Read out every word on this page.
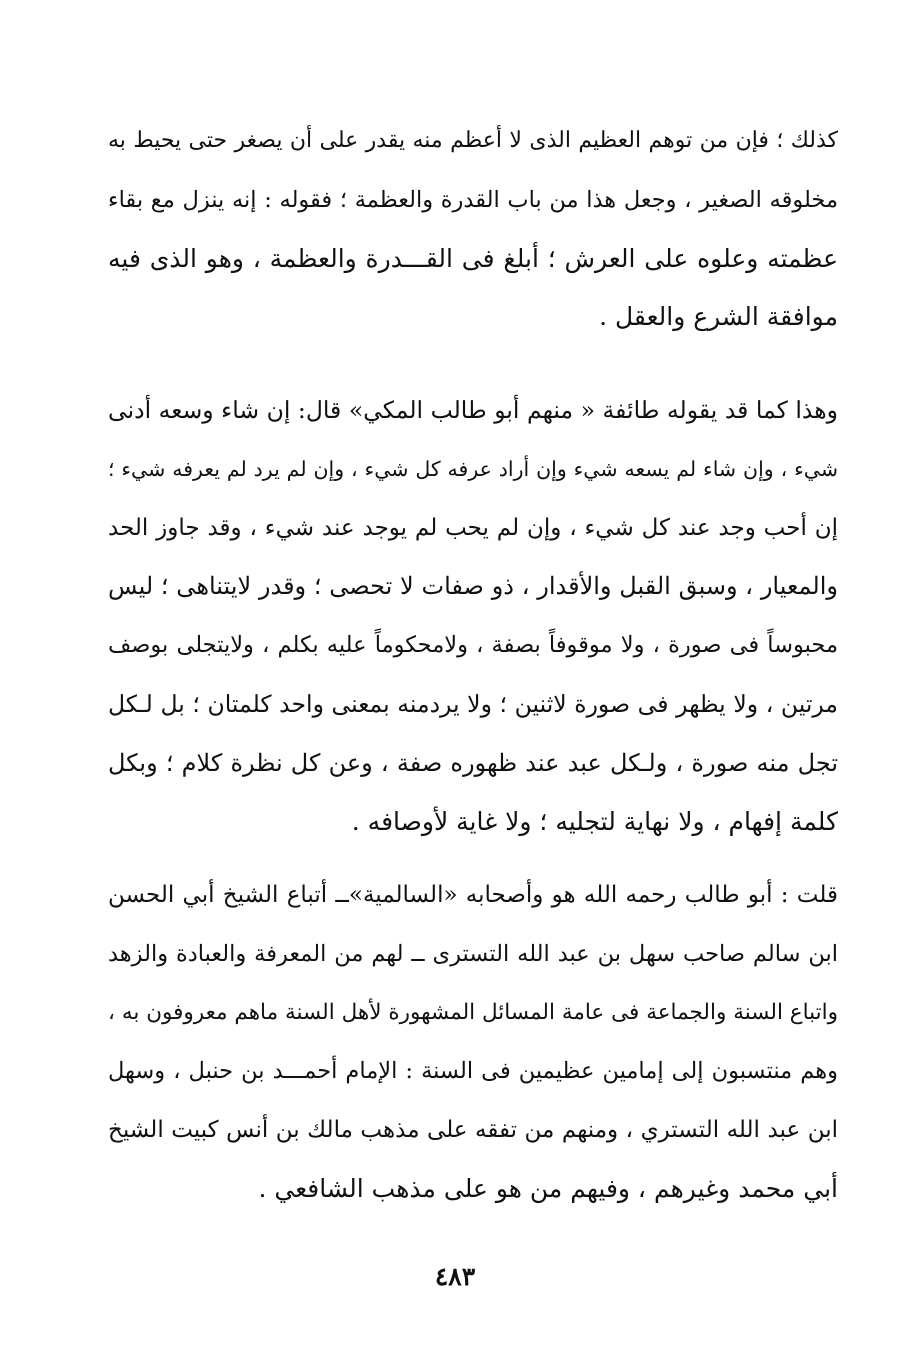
كذلك ؛ فإن من توهم العظيم الذى لا أعظم منه يقدر على أن يصغر حتى يحيط به
مخلوقه الصغير ، وجعل هذا من باب القدرة والعظمة ؛ فقوله : إنه ينزل مع بقاء
عظمته وعلوه على العرش ؛ أبلغ فى القـــدرة والعظمة ، وهو الذى فيه
موافقة الشرع والعقل .
وهذا كما قد يقوله طائفة « منهم أبو طالب المكي» قال: إن شاء وسعه أدنى
شيء ، وإن شاء لم يسعه شيء وإن أراد عرفه كل شيء ، وإن لم يرد لم يعرفه شيء ؛
إن أحب وجد عند كل شيء ، وإن لم يحب لم يوجد عند شيء ، وقد جاوز الحد
والمعيار ، وسبق القبل والأقدار ، ذو صفات لا تحصى ؛ وقدر لايتناهى ؛ ليس
محبوساً فى صورة ، ولا موقوفاً بصفة ، ولامحكوماً عليه بكلم ، ولايتجلى بوصف
مرتين ، ولا يظهر فى صورة لاثنين ؛ ولا يردمنه بمعنى واحد كلمتان ؛ بل لـكل
تجل منه صورة ، ولـكل عبد عند ظهوره صفة ، وعن كل نظرة كلام ؛ وبكل
كلمة إفهام ، ولا نهاية لتجليه ؛ ولا غاية لأوصافه .
قلت : أبو طالب رحمه الله هو وأصحابه «السالمية»ــ أتباع الشيخ أبي الحسن
ابن سالم صاحب سهل بن عبد الله التسترى ــ لهم من المعرفة والعبادة والزهد
واتباع السنة والجماعة فى عامة المسائل المشهورة لأهل السنة ماهم معروفون به ،
وهم منتسبون إلى إمامين عظيمين فى السنة : الإمام أحمـــد بن حنبل ، وسهل
ابن عبد الله التستري ، ومنهم من تفقه على مذهب مالك بن أنس كبيت الشيخ
أبي محمد وغيرهم ، وفيهم من هو على مذهب الشافعي .
٤٨٣
